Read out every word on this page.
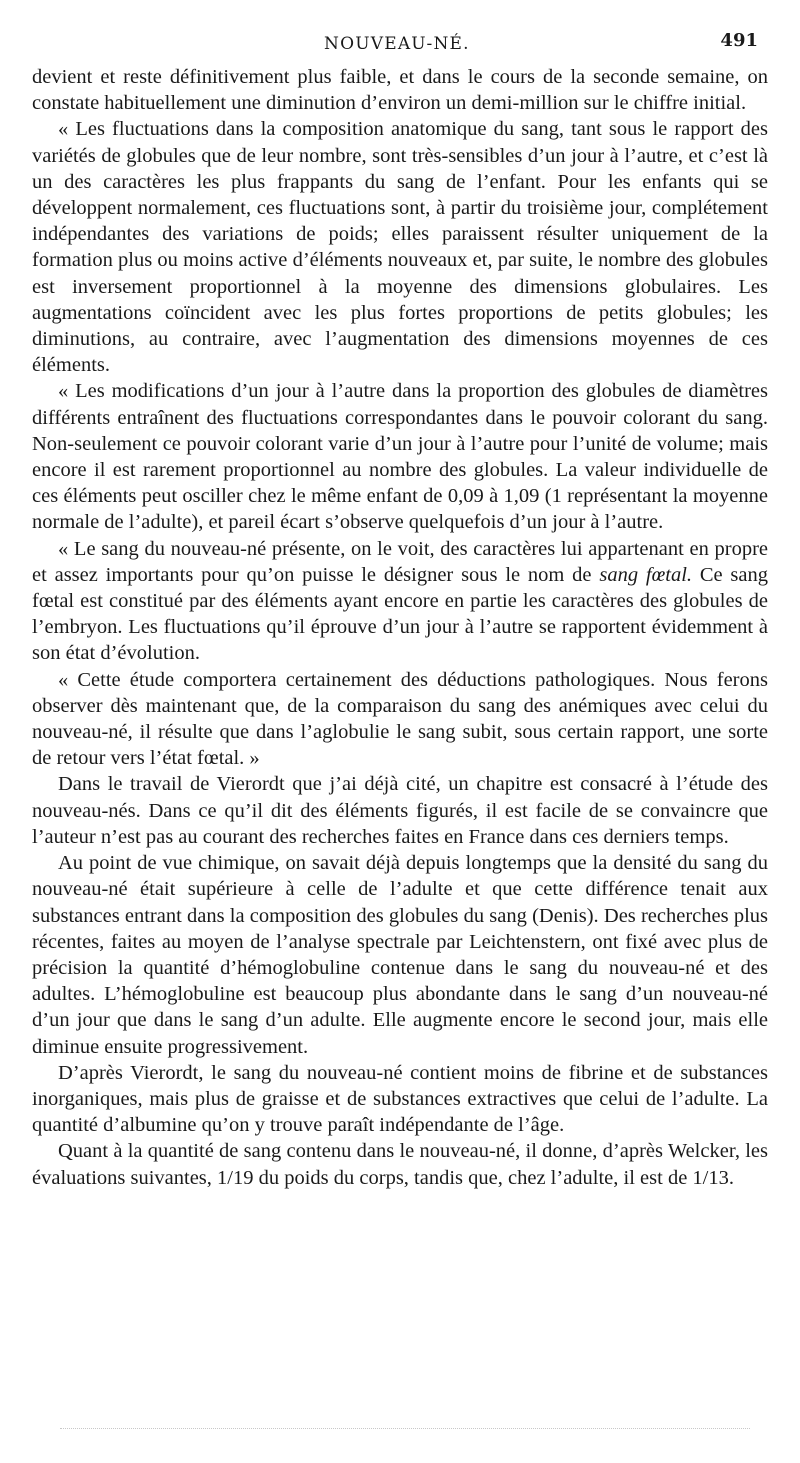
NOUVEAU-NÉ.	491

devient et reste définitivement plus faible, et dans le cours de la seconde semaine, on constate habituellement une diminution d’environ un demi-million sur le chiffre initial.

« Les fluctuations dans la composition anatomique du sang, tant sous le rapport des variétés de globules que de leur nombre, sont très-sensibles d’un jour à l’autre, et c’est là un des caractères les plus frappants du sang de l’enfant. Pour les enfants qui se développent normalement, ces fluctuations sont, à partir du troisième jour, complétement indépendantes des variations de poids; elles paraissent résulter uniquement de la formation plus ou moins active d’éléments nouveaux et, par suite, le nombre des globules est inversement proportionnel à la moyenne des dimensions globulaires. Les augmentations coïncident avec les plus fortes proportions de petits globules; les diminutions, au contraire, avec l’augmentation des dimensions moyennes de ces éléments.

« Les modifications d’un jour à l’autre dans la proportion des globules de diamètres différents entraînent des fluctuations correspondantes dans le pouvoir colorant du sang. Non-seulement ce pouvoir colorant varie d’un jour à l’autre pour l’unité de volume; mais encore il est rarement proportionnel au nombre des globules. La valeur individuelle de ces éléments peut osciller chez le même enfant de 0,09 à 1,09 (1 représentant la moyenne normale de l’adulte), et pareil écart s’observe quelquefois d’un jour à l’autre.

« Le sang du nouveau-né présente, on le voit, des caractères lui appartenant en propre et assez importants pour qu’on puisse le désigner sous le nom de sang fœtal. Ce sang fœtal est constitué par des éléments ayant encore en partie les caractères des globules de l’embryon. Les fluctuations qu’il éprouve d’un jour à l’autre se rapportent évidemment à son état d’évolution.

« Cette étude comportera certainement des déductions pathologiques. Nous ferons observer dès maintenant que, de la comparaison du sang des anémiques avec celui du nouveau-né, il résulte que dans l’aglobulie le sang subit, sous certain rapport, une sorte de retour vers l’état fœtal. »

Dans le travail de Vierordt que j’ai déjà cité, un chapitre est consacré à l’étude des nouveau-nés. Dans ce qu’il dit des éléments figurés, il est facile de se convaincre que l’auteur n’est pas au courant des recherches faites en France dans ces derniers temps.

Au point de vue chimique, on savait déjà depuis longtemps que la densité du sang du nouveau-né était supérieure à celle de l’adulte et que cette différence tenait aux substances entrant dans la composition des globules du sang (Denis). Des recherches plus récentes, faites au moyen de l’analyse spectrale par Leichtenstern, ont fixé avec plus de précision la quantité d’hémoglobuline contenue dans le sang du nouveau-né et des adultes. L’hémoglobuline est beaucoup plus abondante dans le sang d’un nouveau-né d’un jour que dans le sang d’un adulte. Elle augmente encore le second jour, mais elle diminue ensuite progressivement.

D’après Vierordt, le sang du nouveau-né contient moins de fibrine et de substances inorganiques, mais plus de graisse et de substances extractives que celui de l’adulte. La quantité d’albumine qu’on y trouve paraît indépendante de l’âge.

Quant à la quantité de sang contenu dans le nouveau-né, il donne, d’après Welcker, les évaluations suivantes, 1/19 du poids du corps, tandis que, chez l’adulte, il est de 1/13.
